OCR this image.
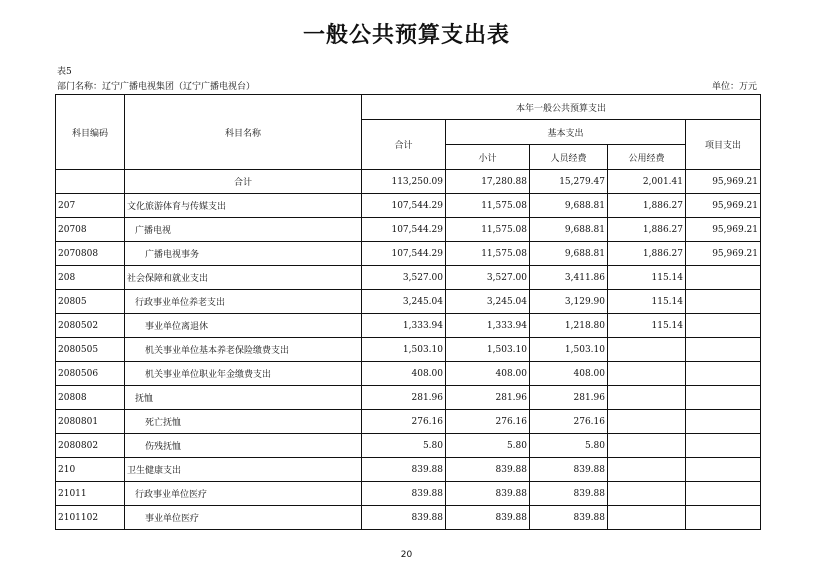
一般公共预算支出表
表5
部门名称：辽宁广播电视集团（辽宁广播电视台）	单位：万元
科目编码	科目名称	本年一般公共预算支出				
		合计	基本支出			项目支出
			小计	人员经费	公用经费	
	合计	113,250.09	17,280.88	15,279.47	2,001.41	95,969.21
207	文化旅游体育与传媒支出	107,544.29	11,575.08	9,688.81	1,886.27	95,969.21
20708	广播电视	107,544.29	11,575.08	9,688.81	1,886.27	95,969.21
2070808	广播电视事务	107,544.29	11,575.08	9,688.81	1,886.27	95,969.21
208	社会保障和就业支出	3,527.00	3,527.00	3,411.86	115.14	
20805	行政事业单位养老支出	3,245.04	3,245.04	3,129.90	115.14	
2080502	事业单位离退休	1,333.94	1,333.94	1,218.80	115.14	
2080505	机关事业单位基本养老保险缴费支出	1,503.10	1,503.10	1,503.10		
2080506	机关事业单位职业年金缴费支出	408.00	408.00	408.00		
20808	抚恤	281.96	281.96	281.96		
2080801	死亡抚恤	276.16	276.16	276.16		
2080802	伤残抚恤	5.80	5.80	5.80		
210	卫生健康支出	839.88	839.88	839.88		
21011	行政事业单位医疗	839.88	839.88	839.88		
2101102	事业单位医疗	839.88	839.88	839.88		
20
